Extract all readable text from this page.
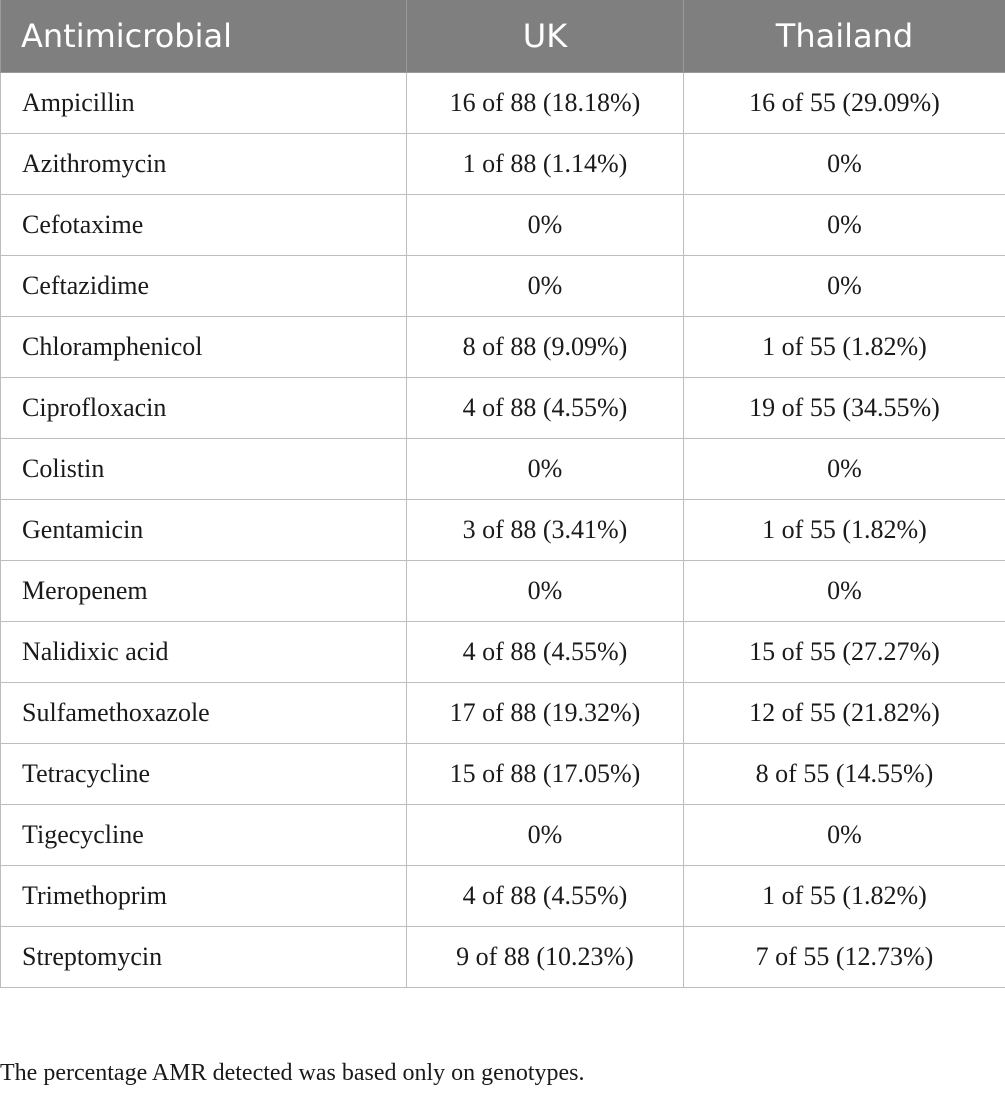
Antimicrobial	UK	Thailand
Ampicillin	16 of 88 (18.18%)	16 of 55 (29.09%)
Azithromycin	1 of 88 (1.14%)	0%
Cefotaxime	0%	0%
Ceftazidime	0%	0%
Chloramphenicol	8 of 88 (9.09%)	1 of 55 (1.82%)
Ciprofloxacin	4 of 88 (4.55%)	19 of 55 (34.55%)
Colistin	0%	0%
Gentamicin	3 of 88 (3.41%)	1 of 55 (1.82%)
Meropenem	0%	0%
Nalidixic acid	4 of 88 (4.55%)	15 of 55 (27.27%)
Sulfamethoxazole	17 of 88 (19.32%)	12 of 55 (21.82%)
Tetracycline	15 of 88 (17.05%)	8 of 55 (14.55%)
Tigecycline	0%	0%
Trimethoprim	4 of 88 (4.55%)	1 of 55 (1.82%)
Streptomycin	9 of 88 (10.23%)	7 of 55 (12.73%)

The percentage AMR detected was based only on genotypes.
